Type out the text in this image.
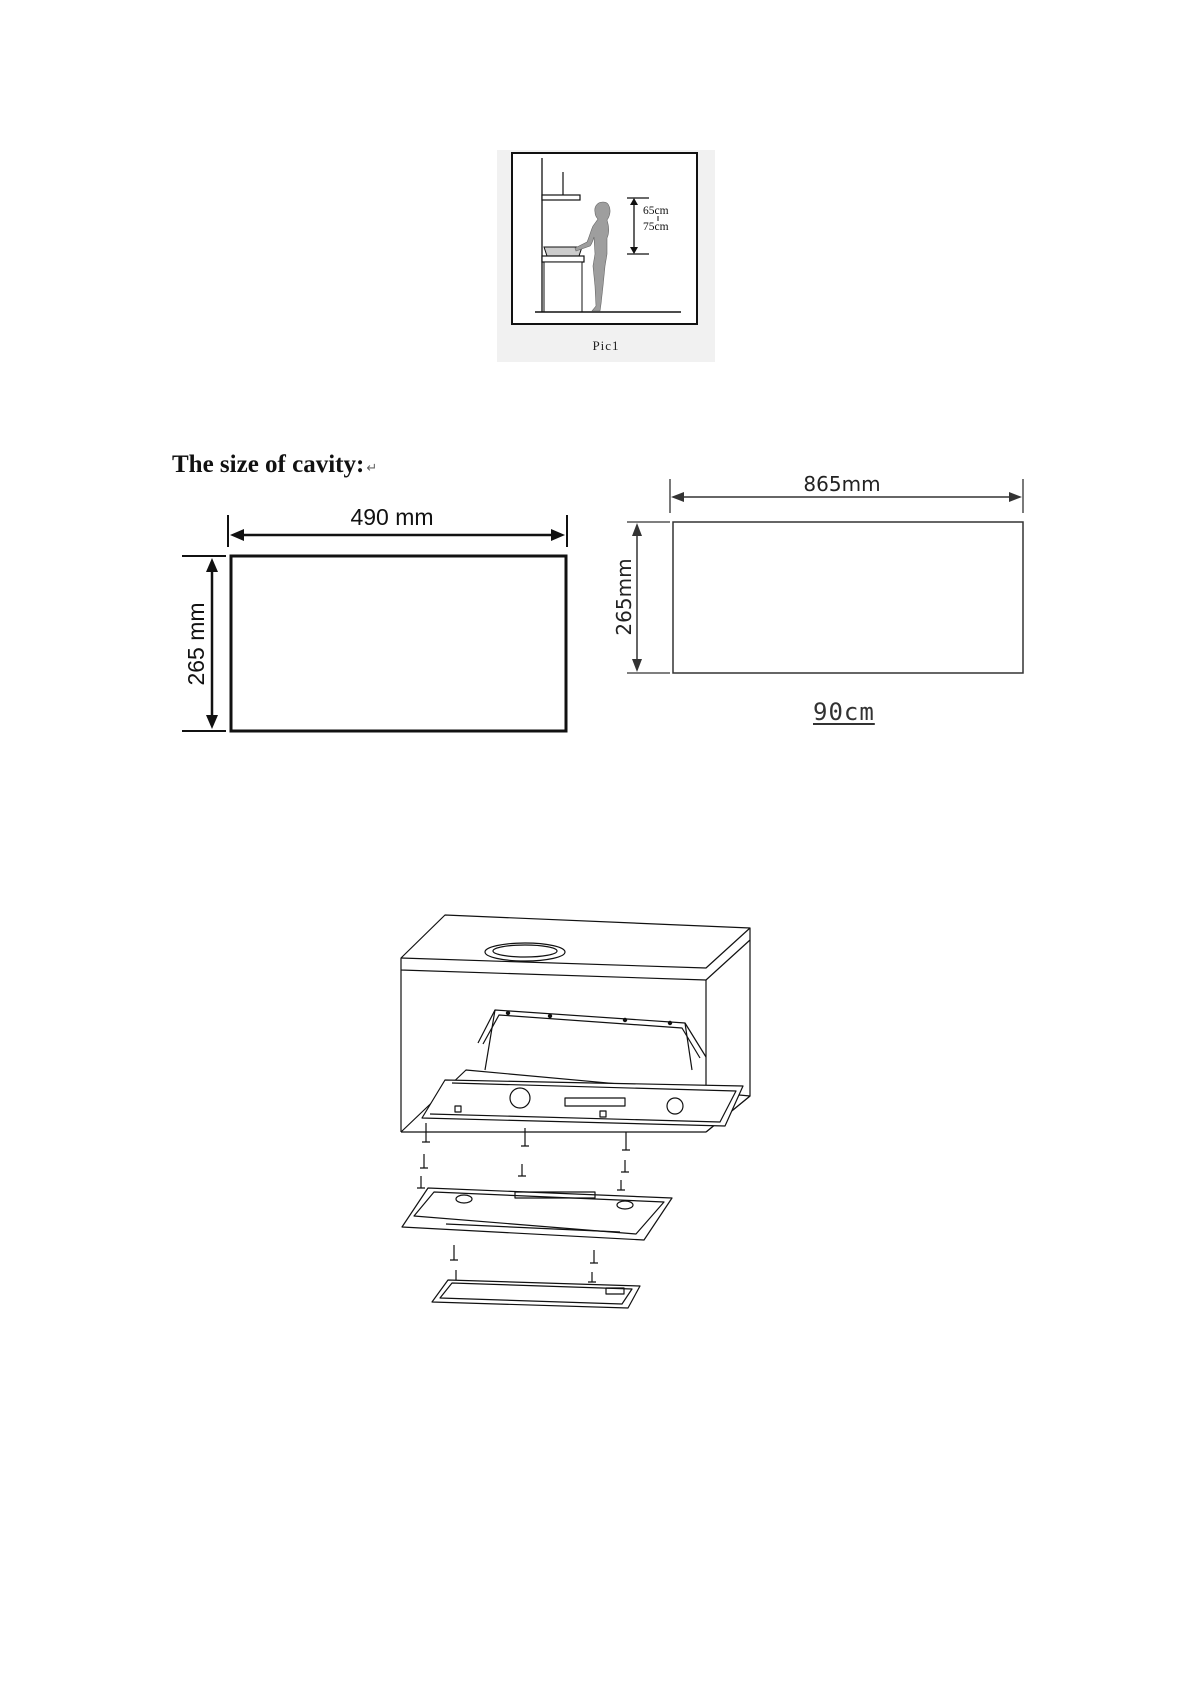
65cm
75cm
Pic1
The size of cavity: ↵
490 mm
265 mm
865mm
265mm
90cm
